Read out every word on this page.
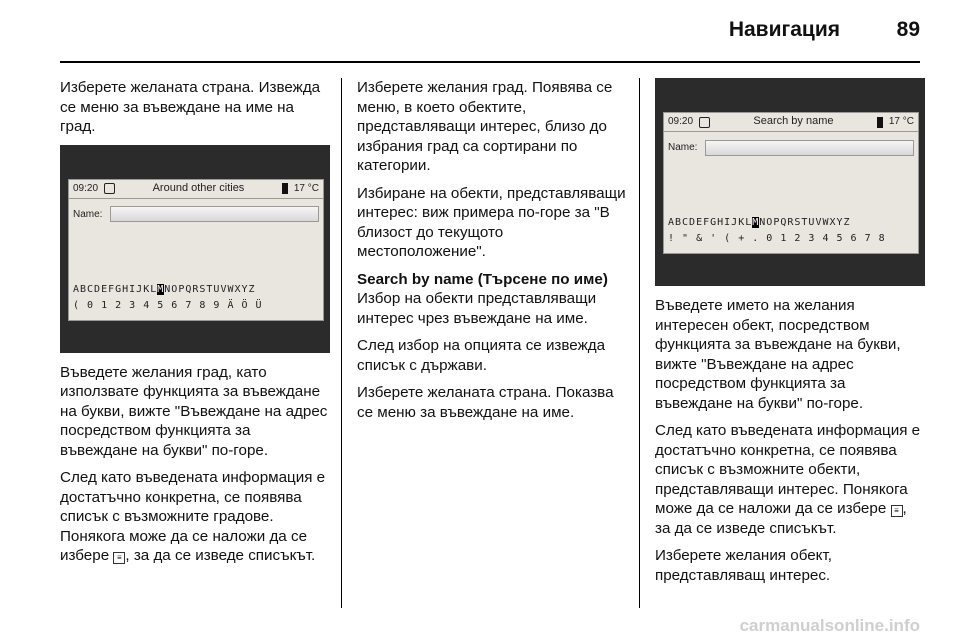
Навигация	89

Изберете желаната страна. Извежда се меню за въвеждане на име на град.

09:20	Around other cities	17 °C
Name:
ABCDEFGHIJKLMNOPQRSTUVWXYZ
( 0 1 2 3 4 5 6 7 8 9 Ä Ö Ü

Въведете желания град, като използвате функцията за въвеждане на букви, вижте "Въвеждане на адрес посредством функцията за въвеждане на букви" по-горе.

След като въведената информация е достатъчно конкретна, се появява списък с възможните градове. Понякога може да се наложи да се избере ≡ , за да се изведе списъкът.

Изберете желания град. Появява се меню, в което обектите, представляващи интерес, близо до избрания град са сортирани по категории.

Избиране на обекти, представляващи интерес: виж примера по-горе за "В близост до текущото местоположение".

Search by name (Търсене по име)

Избор на обекти представляващи интерес чрез въвеждане на име.

След избор на опцията се извежда списък с държави.

Изберете желаната страна. Показва се меню за въвеждане на име.

09:20	Search by name	17 °C
Name:
ABCDEFGHIJKLMNOPQRSTUVWXYZ
! " & ' ( + . 0 1 2 3 4 5 6 7 8

Въведете името на желания интересен обект, посредством функцията за въвеждане на букви, вижте "Въвеждане на адрес посредством функцията за въвеждане на букви" по-горе.

След като въведената информация е достатъчно конкретна, се появява списък с възможните обекти, представляващи интерес. Понякога може да се наложи да се избере ≡ , за да се изведе списъкът.

Изберете желания обект, представляващ интерес.

carmanualsonline.info
